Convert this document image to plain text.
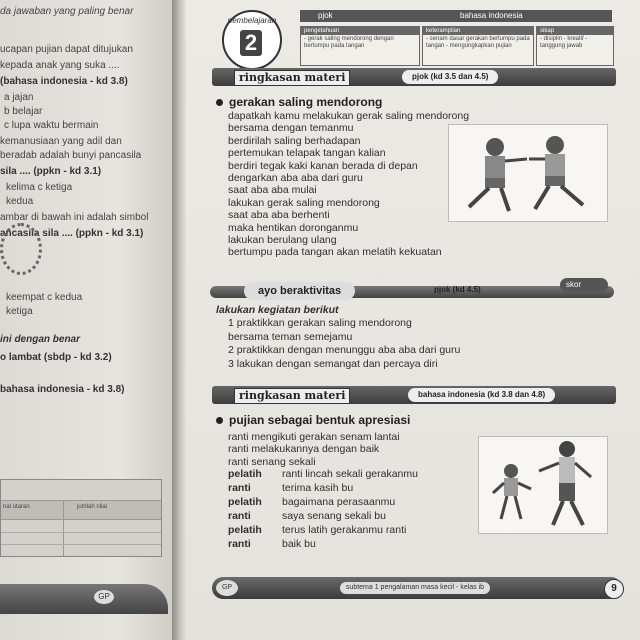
da jawaban yang paling benar
ucapan pujian dapat ditujukan
kepada anak yang suka ....
(bahasa indonesia - kd 3.8)
a jajan
b belajar
c lupa waktu bermain
kemanusiaan yang adil dan
beradab adalah bunyi pancasila
sila .... (ppkn - kd 3.1)
kelima c ketiga
kedua
ambar di bawah ini adalah simbol
ancasila sila .... (ppkn - kd 3.1)
keempat c kedua
ketiga
ini dengan benar
o lambat (sbdp - kd 3.2)
bahasa indonesia - kd 3.8)
nal utaran	jumlah nilai
GP
pembelajaran
2
pjok	bahasa indonesia
pengetahuan
- gerak saling mendorong dengan bertumpu pada tangan
keterampilan
- senam dasar gerakan bertumpu pada tangan - mengungkapkan pujian
sikap
- disiplin - kreatif - tanggung jawab
ringkasan materi	pjok (kd 3.5 dan 4.5)
gerakan saling mendorong
dapatkah kamu melakukan gerak saling mendorong
bersama dengan temanmu
berdirilah saling berhadapan
pertemukan telapak tangan kalian
berdiri tegak kaki kanan berada di depan
dengarkan aba aba dari guru
saat aba aba mulai
lakukan gerak saling mendorong
saat aba aba berhenti
maka hentikan doronganmu
lakukan berulang ulang
bertumpu pada tangan akan melatih kekuatan
ayo beraktivitas	pjok (kd 4.5)
skor
lakukan kegiatan berikut
1 praktikkan gerakan saling mendorong
bersama teman semejamu
2 praktikkan dengan menunggu aba aba dari guru
3 lakukan dengan semangat dan percaya diri
ringkasan materi	bahasa indonesia (kd 3.8 dan 4.8)
pujian sebagai bentuk apresiasi
ranti mengikuti gerakan senam lantai
ranti melakukannya dengan baik
ranti senang sekali
pelatih ranti lincah sekali gerakanmu
ranti	terima kasih bu
pelatih bagaimana perasaanmu
ranti	saya senang sekali bu
pelatih terus latih gerakanmu ranti
ranti	baik bu
GP	subtema 1 pengalaman masa kecil - kelas ib	9
